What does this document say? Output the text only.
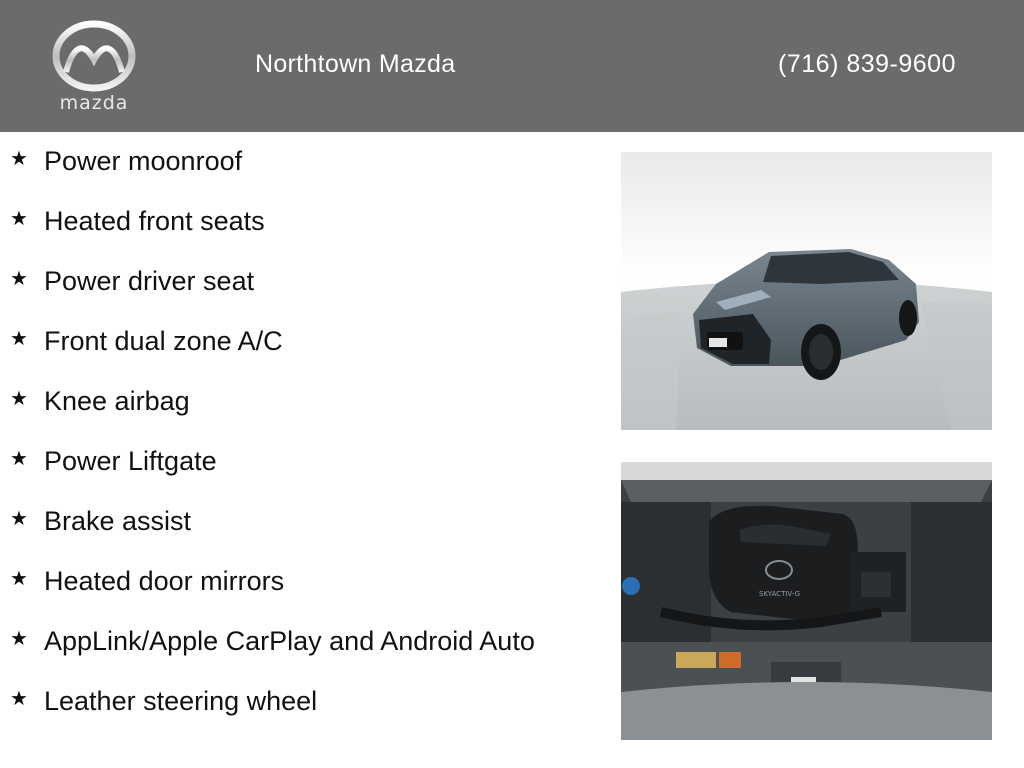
mazda
Northtown Mazda	(716) 839-9600
★ Power moonroof
★ Heated front seats
★ Power driver seat
★ Front dual zone A/C
★ Knee airbag
★ Power Liftgate
★ Brake assist
★ Heated door mirrors
★ AppLink/Apple CarPlay and Android Auto
★ Leather steering wheel
SKYACTIV-G
